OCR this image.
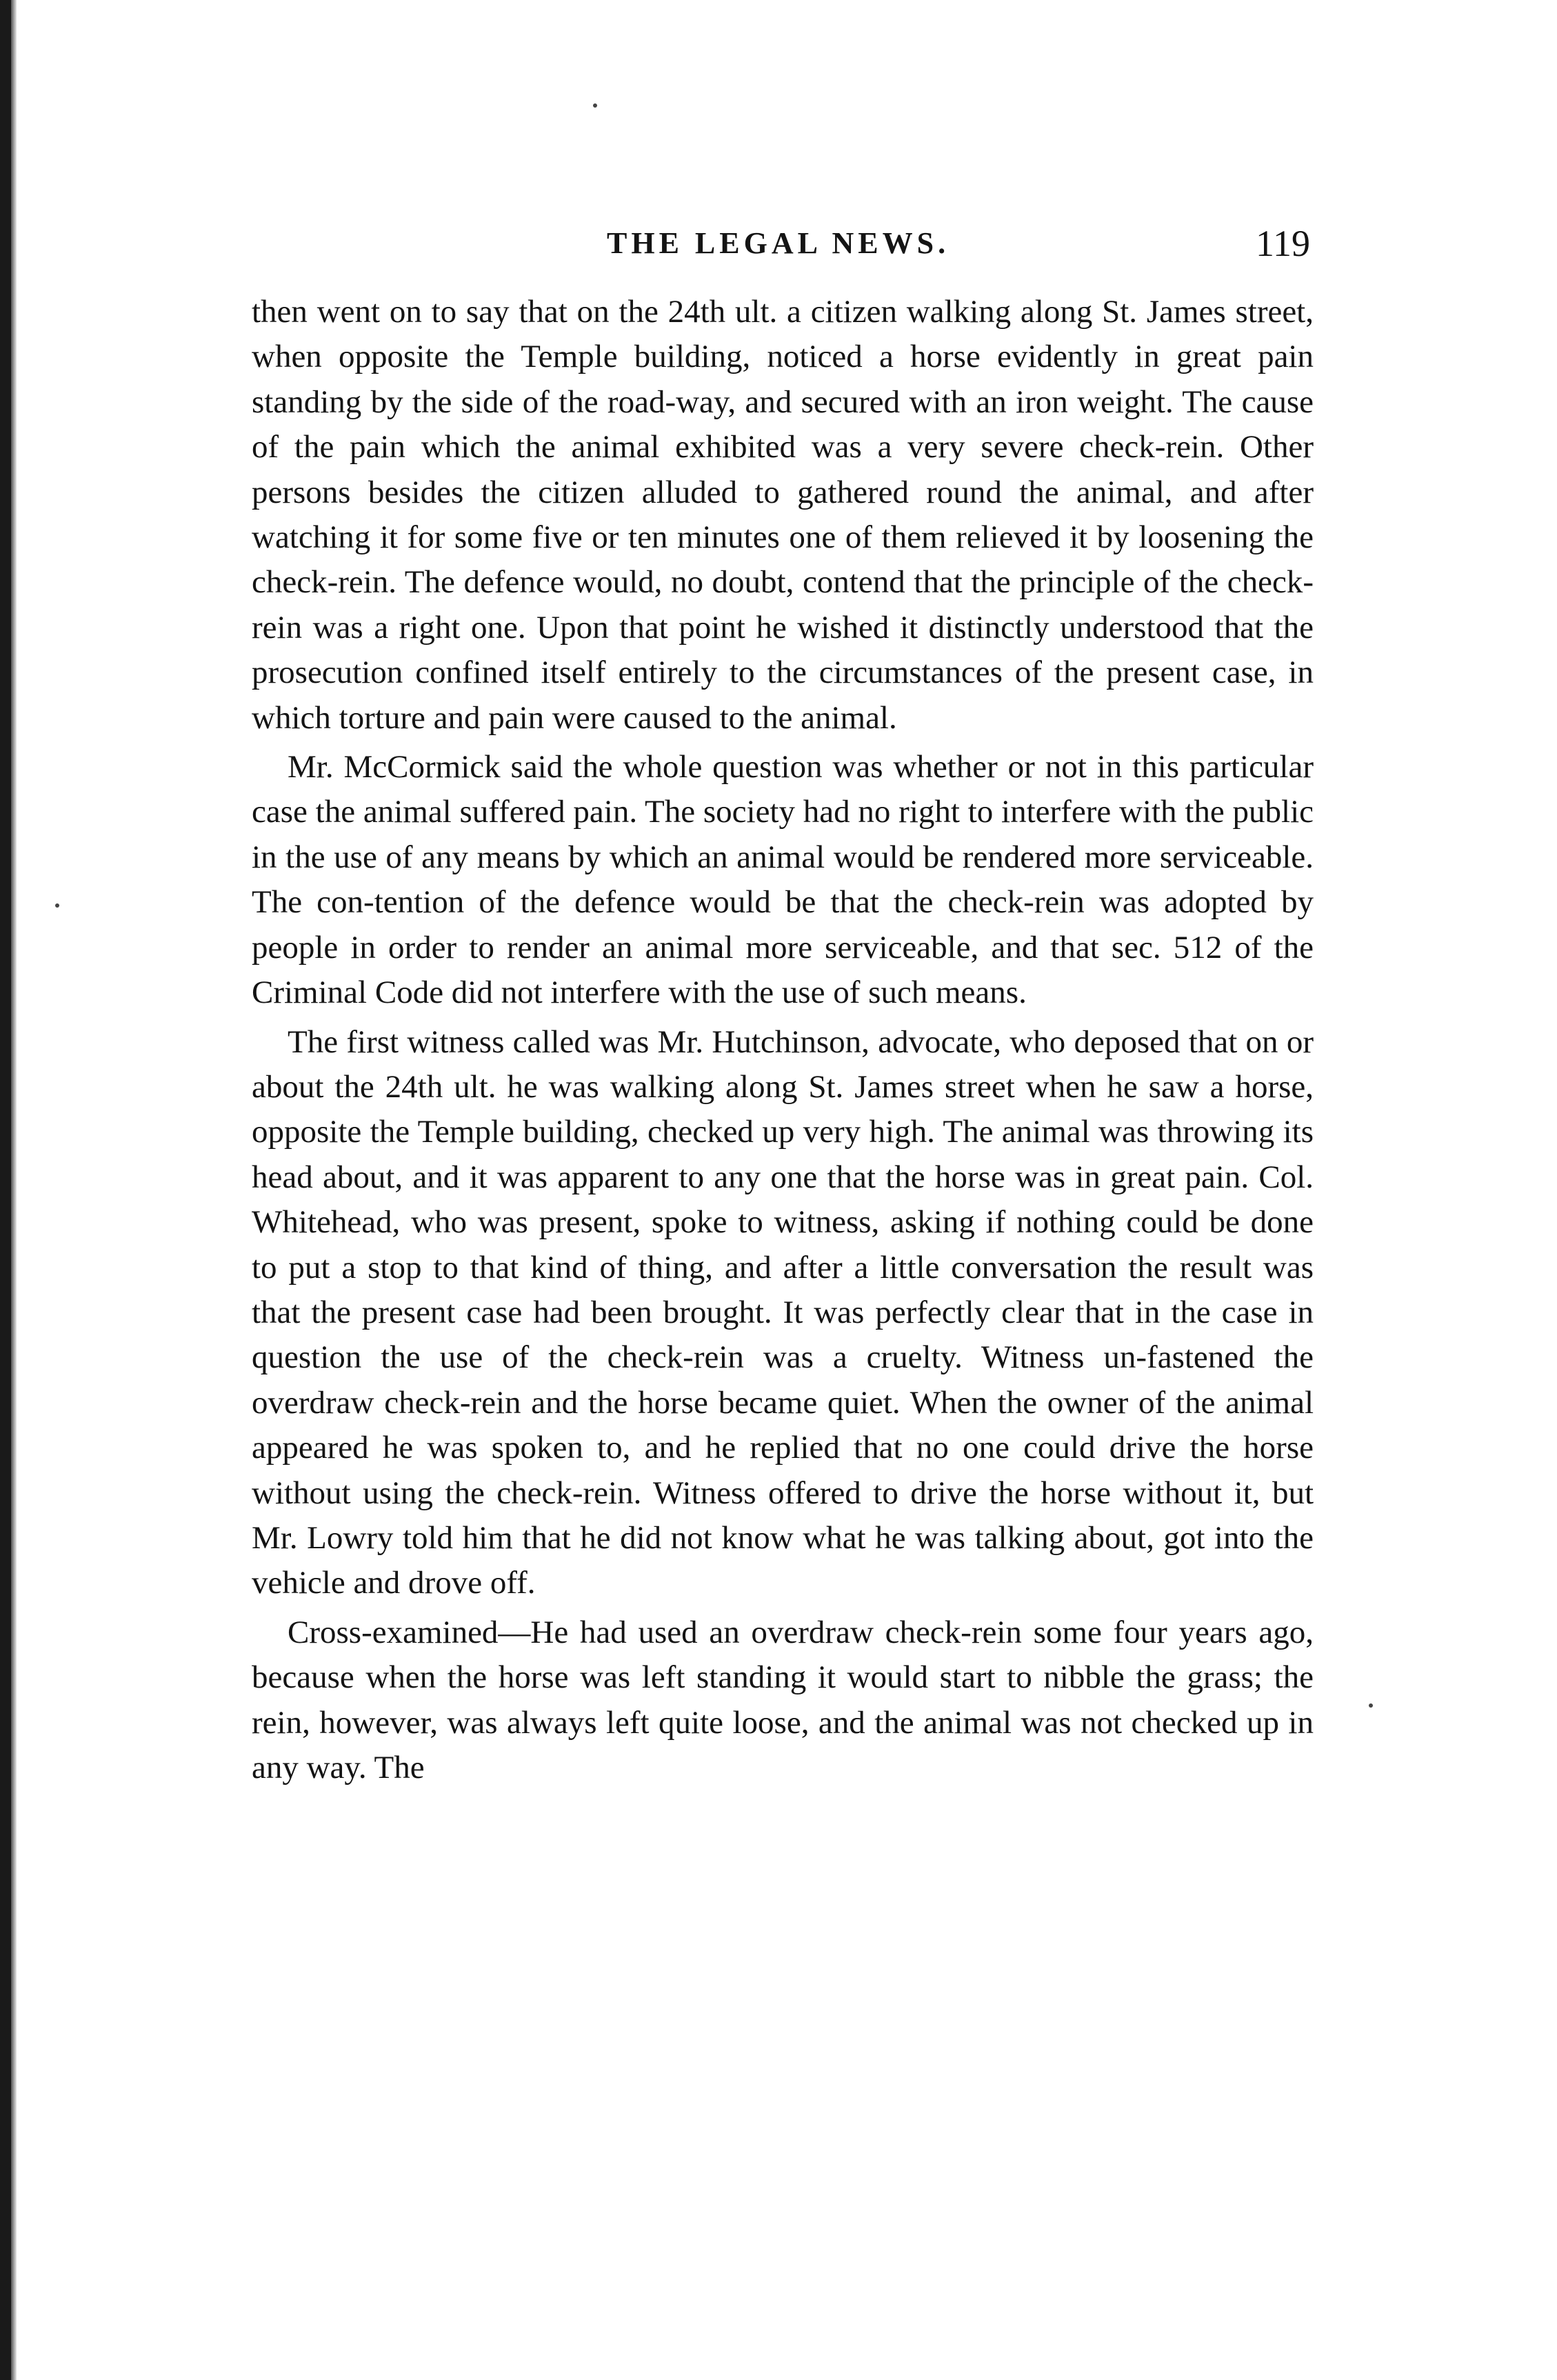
THE LEGAL NEWS.	119

then went on to say that on the 24th ult. a citizen walking along St. James street, when opposite the Temple building, noticed a horse evidently in great pain standing by the side of the road-way, and secured with an iron weight. The cause of the pain which the animal exhibited was a very severe check-rein. Other persons besides the citizen alluded to gathered round the animal, and after watching it for some five or ten minutes one of them relieved it by loosening the check-rein. The defence would, no doubt, contend that the principle of the check-rein was a right one. Upon that point he wished it distinctly understood that the prosecution confined itself entirely to the circumstances of the present case, in which torture and pain were caused to the animal.

Mr. McCormick said the whole question was whether or not in this particular case the animal suffered pain. The society had no right to interfere with the public in the use of any means by which an animal would be rendered more serviceable. The con-tention of the defence would be that the check-rein was adopted by people in order to render an animal more serviceable, and that sec. 512 of the Criminal Code did not interfere with the use of such means.

The first witness called was Mr. Hutchinson, advocate, who deposed that on or about the 24th ult. he was walking along St. James street when he saw a horse, opposite the Temple building, checked up very high. The animal was throwing its head about, and it was apparent to any one that the horse was in great pain. Col. Whitehead, who was present, spoke to witness, asking if nothing could be done to put a stop to that kind of thing, and after a little conversation the result was that the present case had been brought. It was perfectly clear that in the case in question the use of the check-rein was a cruelty. Witness un-fastened the overdraw check-rein and the horse became quiet. When the owner of the animal appeared he was spoken to, and he replied that no one could drive the horse without using the check-rein. Witness offered to drive the horse without it, but Mr. Lowry told him that he did not know what he was talking about, got into the vehicle and drove off.

Cross-examined—He had used an overdraw check-rein some four years ago, because when the horse was left standing it would start to nibble the grass; the rein, however, was always left quite loose, and the animal was not checked up in any way. The
